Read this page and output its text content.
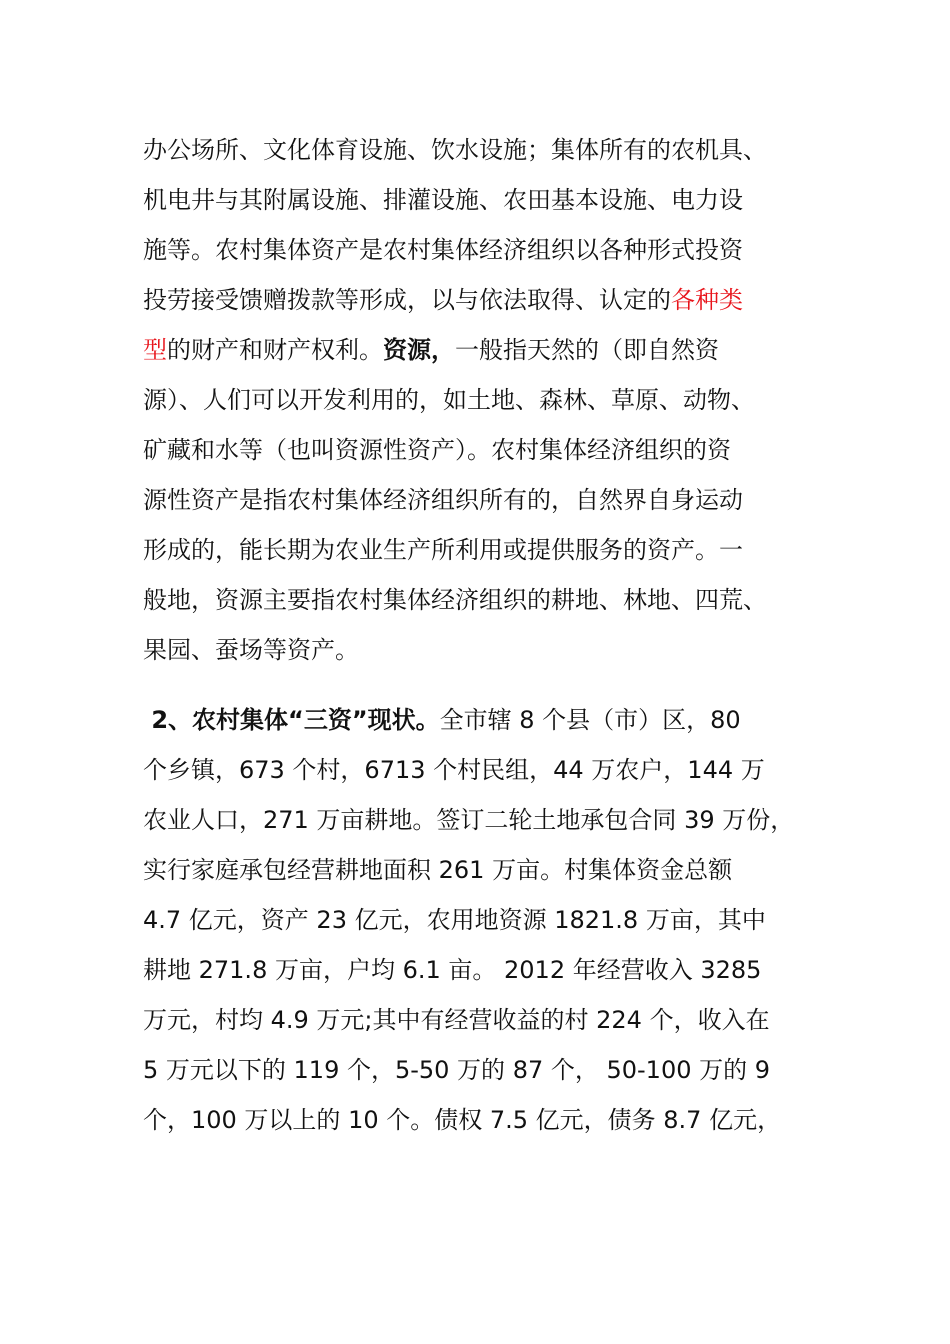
办公场所、文化体育设施、饮水设施；集体所有的农机具、
机电井与其附属设施、排灌设施、农田基本设施、电力设
施等。农村集体资产是农村集体经济组织以各种形式投资
投劳接受馈赠拨款等形成，以与依法取得、认定的各种类
型的财产和财产权利。资源，一般指天然的（即自然资
源）、人们可以开发利用的，如土地、森林、草原、动物、
矿藏和水等（也叫资源性资产）。农村集体经济组织的资
源性资产是指农村集体经济组织所有的，自然界自身运动
形成的，能长期为农业生产所利用或提供服务的资产。一
般地，资源主要指农村集体经济组织的耕地、林地、四荒、
果园、蚕场等资产。
2、农村集体“三资”现状。全市辖 8 个县（市）区，80
个乡镇，673 个村，6713 个村民组，44 万农户，144 万
农业人口，271 万亩耕地。签订二轮土地承包合同 39 万份，
实行家庭承包经营耕地面积 261 万亩。村集体资金总额
4.7 亿元，资产 23 亿元，农用地资源 1821.8 万亩，其中
耕地 271.8 万亩，户均 6.1 亩。 2012 年经营收入 3285
万元，村均 4.9 万元;其中有经营收益的村 224 个，收入在
5 万元以下的 119 个，5-50 万的 87 个， 50-100 万的 9
个，100 万以上的 10 个。债权 7.5 亿元，债务 8.7 亿元，
